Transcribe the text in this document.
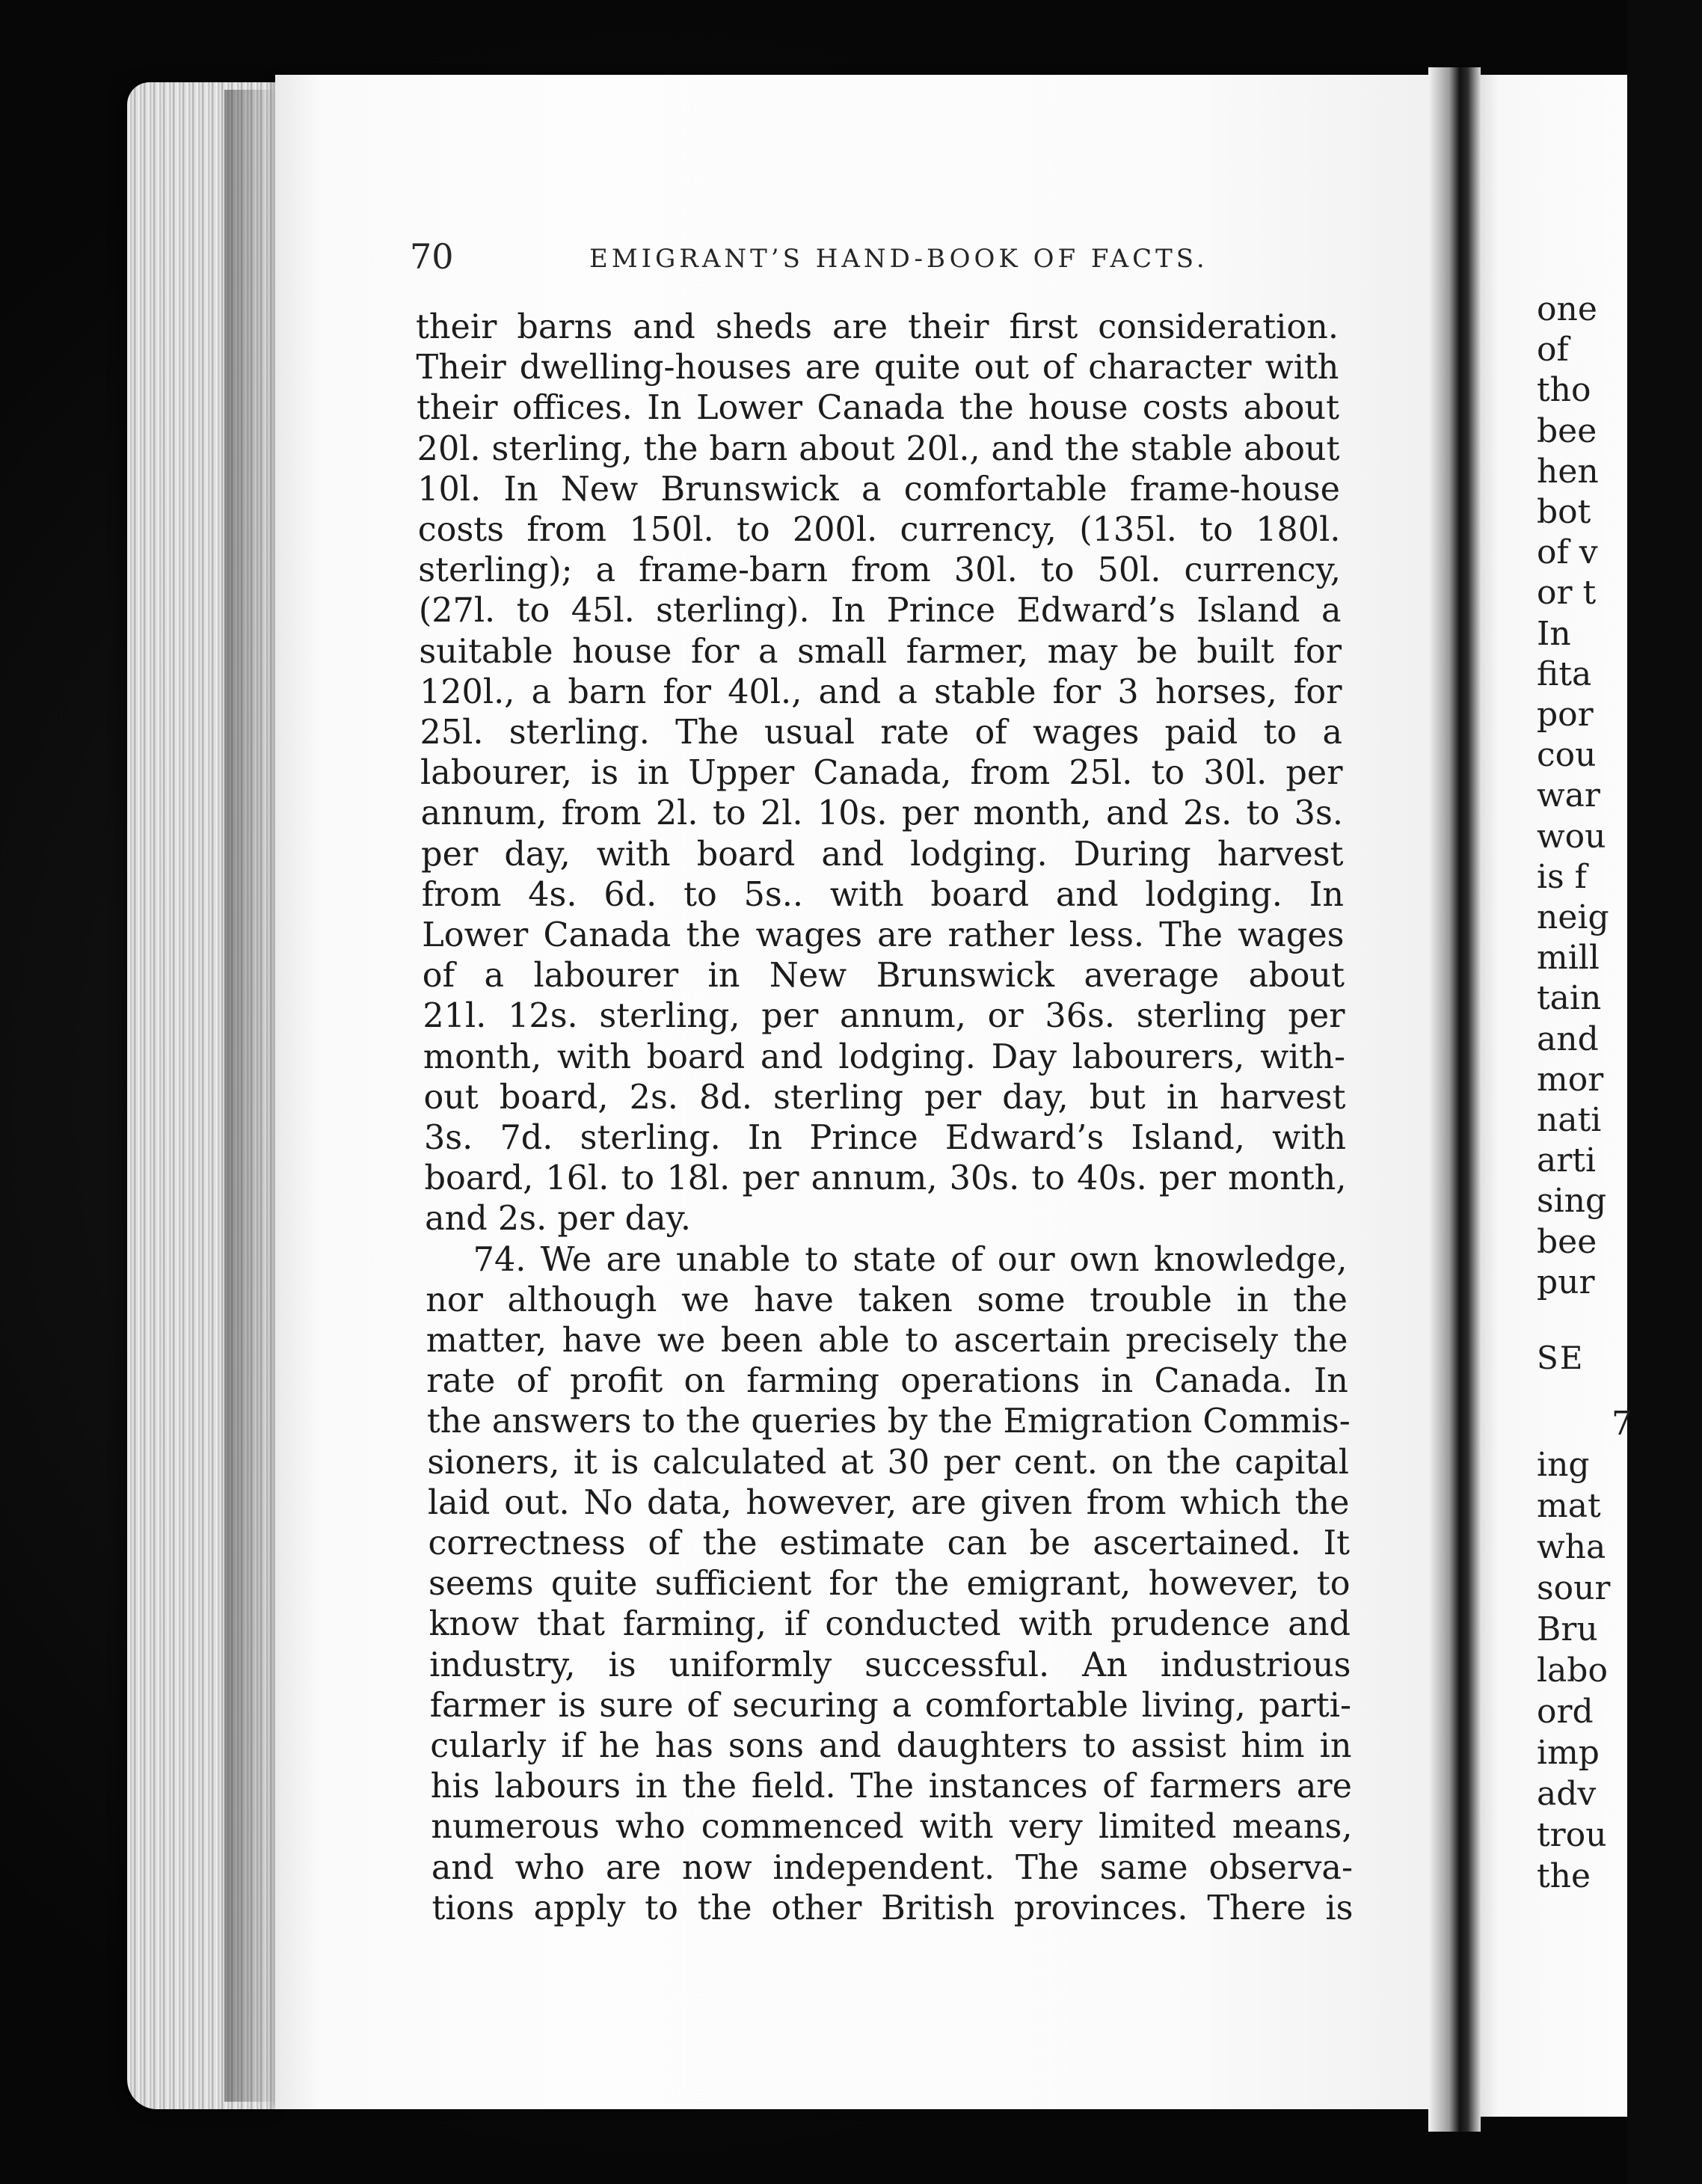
70	EMIGRANT’S HAND-BOOK OF FACTS.
their barns and sheds are their first consideration.
Their dwelling-houses are quite out of character with
their offices. In Lower Canada the house costs about
20l. sterling, the barn about 20l., and the stable about
10l. In New Brunswick a comfortable frame-house
costs from 150l. to 200l. currency, (135l. to 180l.
sterling); a frame-barn from 30l. to 50l. currency,
(27l. to 45l. sterling). In Prince Edward’s Island a
suitable house for a small farmer, may be built for
120l., a barn for 40l., and a stable for 3 horses, for
25l. sterling. The usual rate of wages paid to a
labourer, is in Upper Canada, from 25l. to 30l. per
annum, from 2l. to 2l. 10s. per month, and 2s. to 3s.
per day, with board and lodging. During harvest
from 4s. 6d. to 5s.. with board and lodging. In
Lower Canada the wages are rather less. The wages
of a labourer in New Brunswick average about
21l. 12s. sterling, per annum, or 36s. sterling per
month, with board and lodging. Day labourers, with-
out board, 2s. 8d. sterling per day, but in harvest
3s. 7d. sterling. In Prince Edward’s Island, with
board, 16l. to 18l. per annum, 30s. to 40s. per month,
and 2s. per day.
74. We are unable to state of our own knowledge,
nor although we have taken some trouble in the
matter, have we been able to ascertain precisely the
rate of profit on farming operations in Canada. In
the answers to the queries by the Emigration Commis-
sioners, it is calculated at 30 per cent. on the capital
laid out. No data, however, are given from which the
correctness of the estimate can be ascertained. It
seems quite sufficient for the emigrant, however, to
know that farming, if conducted with prudence and
industry, is uniformly successful. An industrious
farmer is sure of securing a comfortable living, parti-
cularly if he has sons and daughters to assist him in
his labours in the field. The instances of farmers are
numerous who commenced with very limited means,
and who are now independent. The same observa-
tions apply to the other British provinces. There is
one
of
tho
bee
hen
bot
of v
or t
In
fita
por
cou
war
wou
is f
neig
mill
tain
and
mor
nati
arti
sing
bee
pur
SE
7
ing
mat
wha
sour
Bru
labo
ord
imp
adv
trou
the
